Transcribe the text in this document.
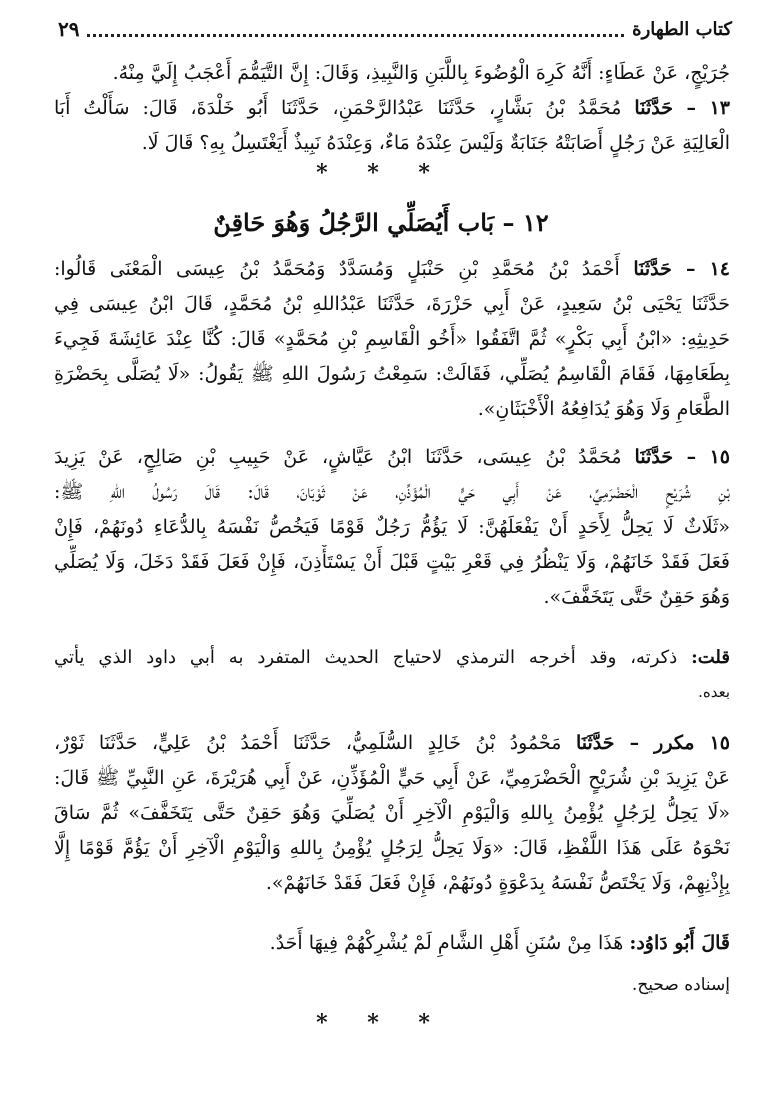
كتاب الطهارة
٢٩
جُرَيْجٍ، عَنْ عَطَاءٍ: أَنَّهُ كَرِهَ الْوُضُوءَ بِاللَّبَنِ وَالنَّبِيذِ، وَقَالَ: إِنَّ التَّيَمُّمَ أَعْجَبُ إِلَيَّ مِنْهُ.
١٣ – حَدَّثَنَا مُحَمَّدُ بْنُ بَشَّارٍ، حَدَّثَنَا عَبْدُالرَّحْمَنِ، حَدَّثَنَا أَبُو خَلْدَةَ، قَالَ: سَأَلْتُ أَبَا
الْعَالِيَةِ عَنْ رَجُلٍ أَصَابَتْهُ جَنَابَةٌ وَلَيْسَ عِنْدَهُ مَاءٌ، وَعِنْدَهُ نَبِيذٌ أَيَغْتَسِلُ بِهِ؟ قَالَ لَا.
* * *
١٢ – بَاب أَيُصَلِّي الرَّجُلُ وَهُوَ حَاقِنٌ
١٤ – حَدَّثَنَا أَحْمَدُ بْنُ مُحَمَّدِ بْنِ حَنْبَلٍ وَمُسَدَّدٌ وَمُحَمَّدُ بْنُ عِيسَى الْمَعْنَى قَالُوا:
حَدَّثَنَا يَحْيَى بْنُ سَعِيدٍ، عَنْ أَبِي حَزْرَةَ، حَدَّثَنَا عَبْدُاللهِ بْنُ مُحَمَّدٍ، قَالَ ابْنُ عِيسَى فِي
حَدِيثِهِ: «ابْنُ أَبِي بَكْرٍ» ثُمَّ اتَّفَقُوا «أَخُو الْقَاسِمِ بْنِ مُحَمَّدٍ» قَالَ: كُنَّا عِنْدَ عَائِشَةَ فَجِيءَ
بِطَعَامِهَا، فَقَامَ الْقَاسِمُ يُصَلِّي، فَقَالَتْ: سَمِعْتُ رَسُولَ اللهِ ﷺ يَقُولُ: «لَا يُصَلَّى بِحَضْرَةِ
الطَّعَامِ وَلَا وَهُوَ يُدَافِعُهُ الْأَخْبَثَانِ».
١٥ – حَدَّثَنَا مُحَمَّدُ بْنُ عِيسَى، حَدَّثَنَا ابْنُ عَيَّاشٍ، عَنْ حَبِيبِ بْنِ صَالِحٍ، عَنْ يَزِيدَ
بْنِ شُرَيْحٍ الْحَضْرَمِيِّ، عَنْ أَبِي حَيٍّ الْمُؤَذِّنِ، عَنْ ثَوْبَانَ، قَالَ: قَالَ رَسُولُ اللهِ ﷺ:
«ثَلَاثٌ لَا يَحِلُّ لِأَحَدٍ أَنْ يَفْعَلَهُنَّ: لَا يَؤُمُّ رَجُلٌ قَوْمًا فَيَخُصُّ نَفْسَهُ بِالدُّعَاءِ دُونَهُمْ، فَإِنْ
فَعَلَ فَقَدْ خَانَهُمْ، وَلَا يَنْظُرُ فِي قَعْرِ بَيْتٍ قَبْلَ أَنْ يَسْتَأْذِنَ، فَإِنْ فَعَلَ فَقَدْ دَخَلَ، وَلَا يُصَلِّي
وَهُوَ حَقِنٌ حَتَّى يَتَخَفَّفَ».
قلت: ذكرته، وقد أخرجه الترمذي لاحتياج الحديث المتفرد به أبي داود الذي يأتي
بعده.
١٥ مكرر – حَدَّثَنَا مَحْمُودُ بْنُ خَالِدٍ السُّلَمِيُّ، حَدَّثَنَا أَحْمَدُ بْنُ عَلِيٍّ، حَدَّثَنَا ثَوْرٌ،
عَنْ يَزِيدَ بْنِ شُرَيْحٍ الْحَضْرَمِيِّ، عَنْ أَبِي حَيٍّ الْمُؤَذِّنِ، عَنْ أَبِي هُرَيْرَةَ، عَنِ النَّبِيِّ ﷺ قَالَ:
«لَا يَحِلُّ لِرَجُلٍ يُؤْمِنُ بِاللهِ وَالْيَوْمِ الْآخِرِ أَنْ يُصَلِّيَ وَهُوَ حَقِنٌ حَتَّى يَتَخَفَّفَ» ثُمَّ سَاقَ
نَحْوَهُ عَلَى هَذَا اللَّفْظِ، قَالَ: «وَلَا يَحِلُّ لِرَجُلٍ يُؤْمِنُ بِاللهِ وَالْيَوْمِ الْآخِرِ أَنْ يَؤُمَّ قَوْمًا إِلَّا
بِإِذْنِهِمْ، وَلَا يَخْتَصُّ نَفْسَهُ بِدَعْوَةٍ دُونَهُمْ، فَإِنْ فَعَلَ فَقَدْ خَانَهُمْ».
قَالَ أَبُو دَاوُد: هَذَا مِنْ سُنَنِ أَهْلِ الشَّامِ لَمْ يُشْرِكْهُمْ فِيهَا أَحَدٌ.
إسناده صحيح.
* * *
